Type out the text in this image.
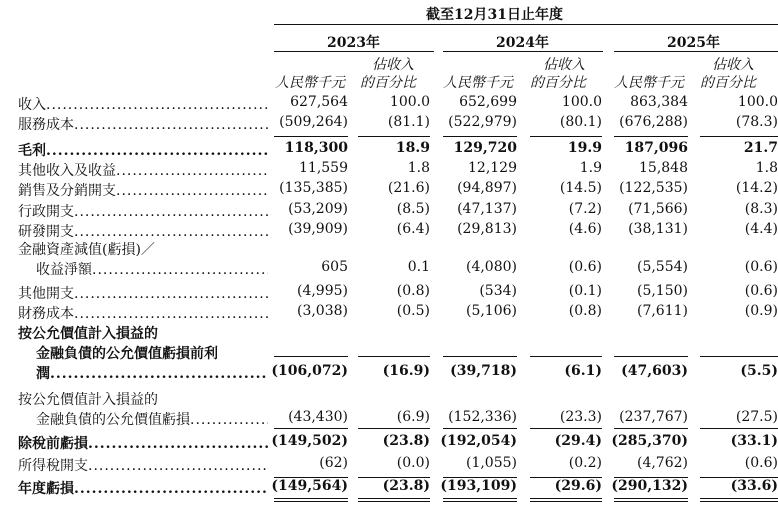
截至12月31日止年度
2023年	2024年	2025年
佔收入	佔收入	佔收入
人民幣千元 的百分比 人民幣千元 的百分比 人民幣千元 的百分比
收入 .....	627,564	100.0	652,699	100.0	863,384	100.0
服務成本 .....	(509,264)	(81.1)	(522,979)	(80.1)	(676,288)	(78.3)
毛利 .....	118,300	18.9	129,720	19.9	187,096	21.7
其他收入及收益 .....	11,559	1.8	12,129	1.9	15,848	1.8
銷售及分銷開支 .....	(135,385)	(21.6)	(94,897)	(14.5)	(122,535)	(14.2)
行政開支 .....	(53,209)	(8.5)	(47,137)	(7.2)	(71,566)	(8.3)
研發開支 .....	(39,909)	(6.4)	(29,813)	(4.6)	(38,131)	(4.4)
金融資產減值(虧損)／
收益淨額 .....	605	0.1	(4,080)	(0.6)	(5,554)	(0.6)
其他開支 .....	(4,995)	(0.8)	(534)	(0.1)	(5,150)	(0.6)
財務成本 .....	(3,038)	(0.5)	(5,106)	(0.8)	(7,611)	(0.9)
按公允價值計入損益的
金融負債的公允價值虧損前利
潤 .....	(106,072)	(16.9)	(39,718)	(6.1)	(47,603)	(5.5)
按公允價值計入損益的
金融負債的公允價值虧損 .....	(43,430)	(6.9)	(152,336)	(23.3)	(237,767)	(27.5)
除稅前虧損 .....	(149,502)	(23.8) (192,054)	(29.4) (285,370)	(33.1)
所得稅開支 .....	(62)	(0.0)	(1,055)	(0.2)	(4,762)	(0.6)
年度虧損 .....	(149,564)	(23.8) (193,109)	(29.6) (290,132)	(33.6)
